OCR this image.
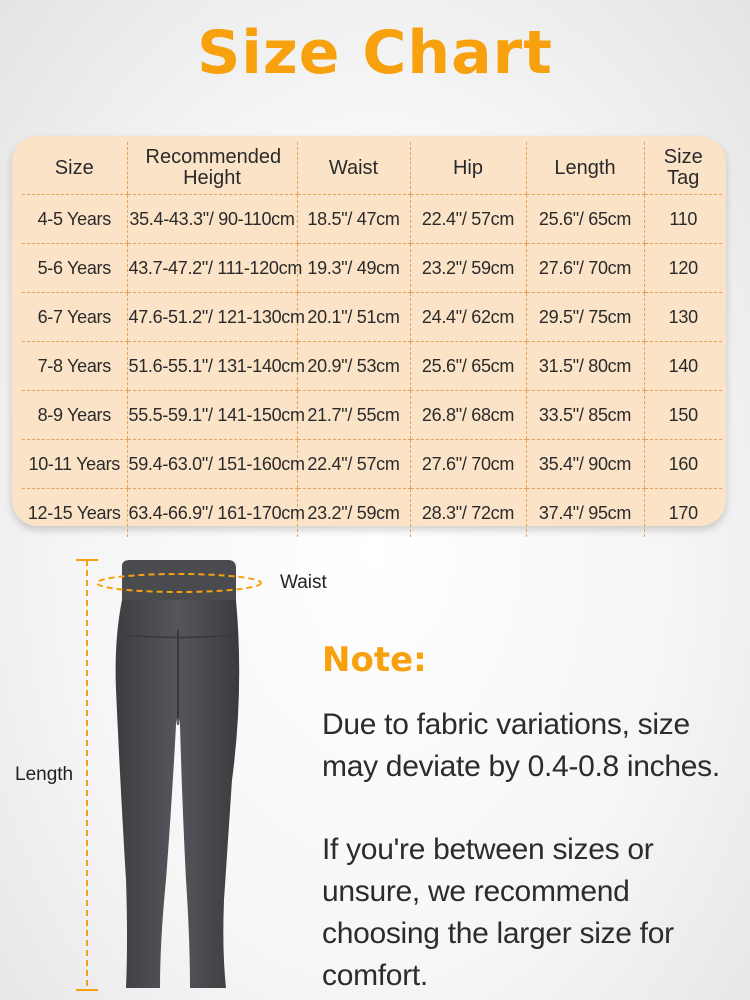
Size Chart
Size	Recommended Height	Waist	Hip	Length	Size Tag
4-5 Years	35.4-43.3"/ 90-110cm	18.5"/ 47cm	22.4"/ 57cm	25.6"/ 65cm	110
5-6 Years	43.7-47.2"/ 111-120cm	19.3"/ 49cm	23.2"/ 59cm	27.6"/ 70cm	120
6-7 Years	47.6-51.2"/ 121-130cm	20.1"/ 51cm	24.4"/ 62cm	29.5"/ 75cm	130
7-8 Years	51.6-55.1"/ 131-140cm	20.9"/ 53cm	25.6"/ 65cm	31.5"/ 80cm	140
8-9 Years	55.5-59.1"/ 141-150cm	21.7"/ 55cm	26.8"/ 68cm	33.5"/ 85cm	150
10-11 Years	59.4-63.0"/ 151-160cm	22.4"/ 57cm	27.6"/ 70cm	35.4"/ 90cm	160
12-15 Years	63.4-66.9"/ 161-170cm	23.2"/ 59cm	28.3"/ 72cm	37.4"/ 95cm	170
Waist
Length
Note:
Due to fabric variations, size may deviate by 0.4-0.8 inches.
If you're between sizes or unsure, we recommend choosing the larger size for comfort.
